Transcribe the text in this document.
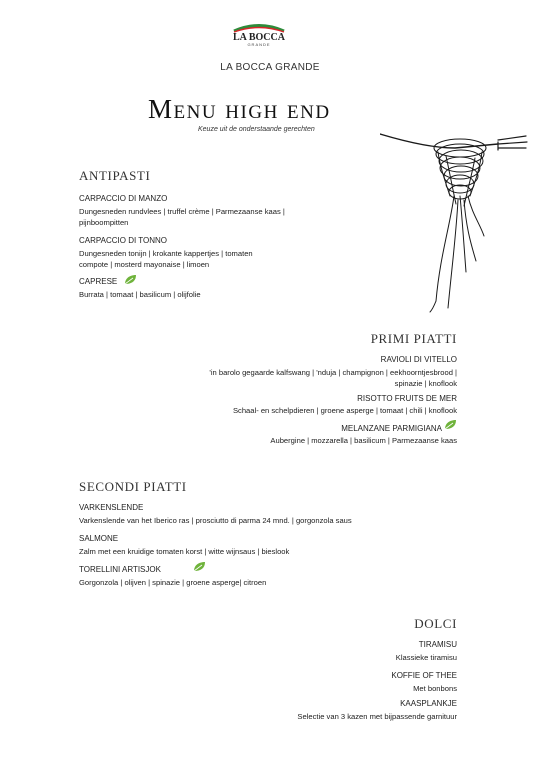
LA BOCCA
GRANDE
LA BOCCA GRANDE
Menu high end
Keuze uit de onderstaande gerechten
ANTIPASTI
CARPACCIO DI MANZO
Dungesneden rundvlees | truffel crème | Parmezaanse kaas |
pijnboompitten
CARPACCIO DI TONNO
Dungesneden tonijn | krokante kappertjes | tomaten
compote | mosterd mayonaise | limoen
CAPRESE
Burrata | tomaat | basilicum | olijfolie
PRIMI PIATTI
RAVIOLI DI VITELLO
'in barolo gegaarde kalfswang | 'nduja | champignon | eekhoorntjesbrood |
spinazie | knoflook
RISOTTO FRUITS DE MER
Schaal- en schelpdieren | groene asperge | tomaat | chili | knoflook
MELANZANE PARMIGIANA
Aubergine | mozzarella | basilicum | Parmezaanse kaas
SECONDI PIATTI
VARKENSLENDE
Varkenslende van het Iberico ras | prosciutto di parma 24 mnd. | gorgonzola saus
SALMONE
Zalm met een kruidige tomaten korst | witte wijnsaus | bieslook
TORELLINI ARTISJOK
Gorgonzola | olijven | spinazie | groene asperge| citroen
DOLCI
TIRAMISU
Klassieke tiramisu
KOFFIE OF THEE
Met bonbons
KAASPLANKJE
Selectie van 3 kazen met bijpassende garnituur
